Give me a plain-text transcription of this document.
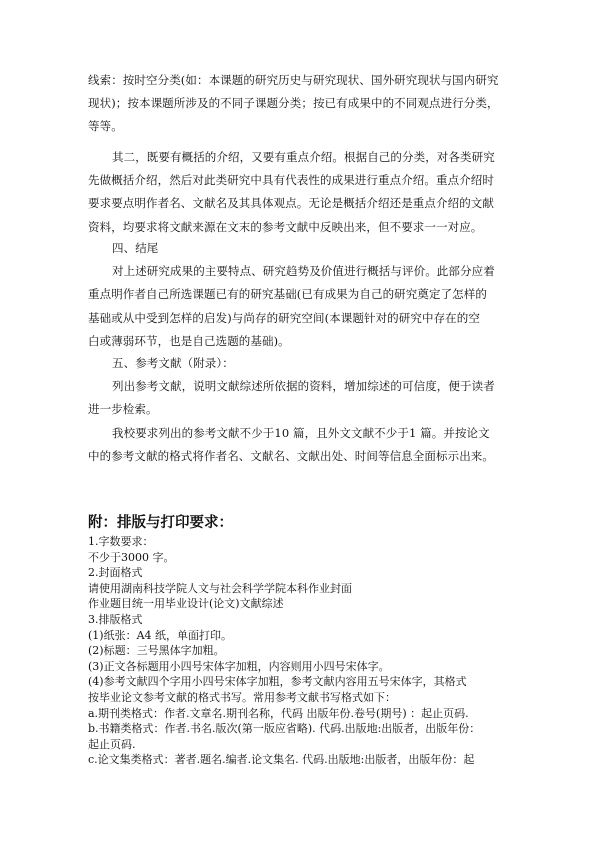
线索：按时空分类(如：本课题的研究历史与研究现状、国外研究现状与国内研究
现状)；按本课题所涉及的不同子课题分类；按已有成果中的不同观点进行分类，
等等。
其二，既要有概括的介绍，又要有重点介绍。根据自己的分类，对各类研究
先做概括介绍，然后对此类研究中具有代表性的成果进行重点介绍。重点介绍时
要求要点明作者名、文献名及其具体观点。无论是概括介绍还是重点介绍的文献
资料，均要求将文献来源在文末的参考文献中反映出来，但不要求一一对应。
四、结尾
对上述研究成果的主要特点、研究趋势及价值进行概括与评价。此部分应着
重点明作者自己所选课题已有的研究基础(已有成果为自己的研究奠定了怎样的
基础或从中受到怎样的启发)与尚存的研究空间(本课题针对的研究中存在的空
白或薄弱环节，也是自己选题的基础)。
五、参考文献（附录）：
列出参考文献，说明文献综述所依据的资料，增加综述的可信度，便于读者
进一步检索。
我校要求列出的参考文献不少于10 篇，且外文文献不少于1 篇。并按论文
中的参考文献的格式将作者名、文献名、文献出处、时间等信息全面标示出来。
附：排版与打印要求：
1.字数要求：
不少于3000 字。
2.封面格式
请使用湖南科技学院人文与社会科学学院本科作业封面
作业题目统一用毕业设计(论文)文献综述
3.排版格式
(1)纸张：A4 纸，单面打印。
(2)标题：三号黑体字加粗。
(3)正文各标题用小四号宋体字加粗，内容则用小四号宋体字。
(4)参考文献四个字用小四号宋体字加粗，参考文献内容用五号宋体字，其格式
按毕业论文参考文献的格式书写。常用参考文献书写格式如下：
a.期刊类格式：作者.文章名.期刊名称，代码 出版年份.卷号(期号) ：起止页码.
b.书籍类格式：作者.书名.版次(第一版应省略). 代码.出版地:出版者，出版年份：
起止页码.
c.论文集类格式：著者.题名.编者.论文集名. 代码.出版地:出版者，出版年份：起
